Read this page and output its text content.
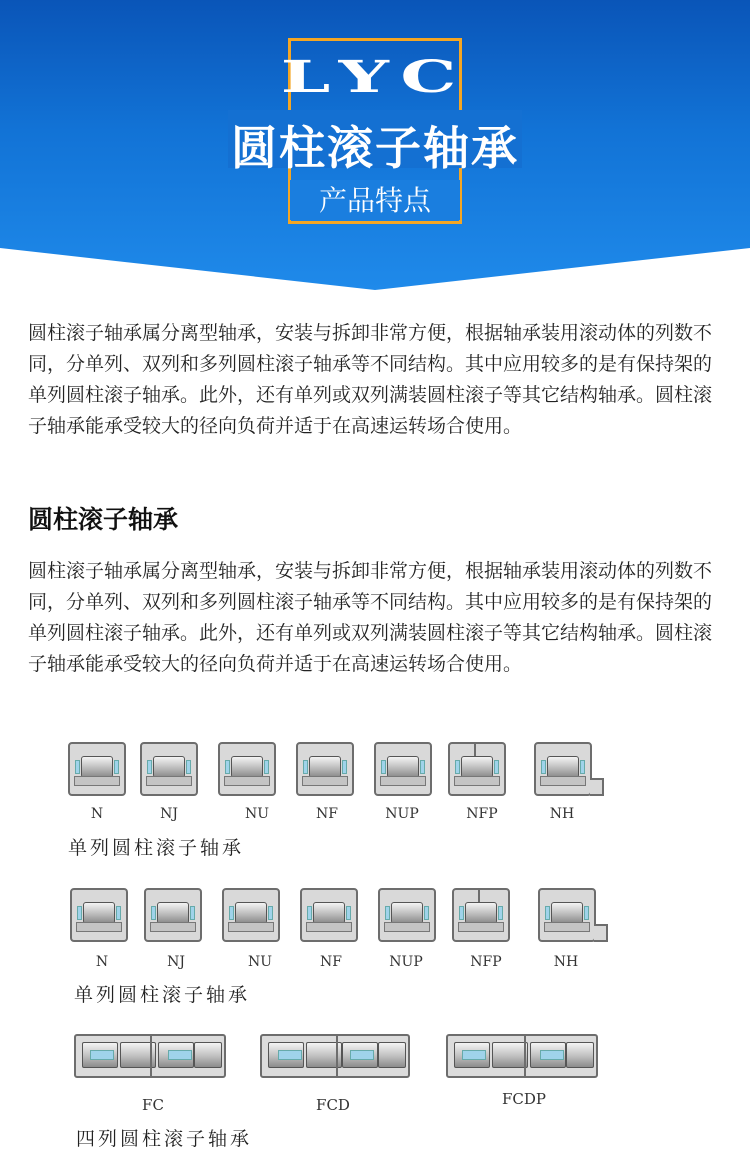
LYC
圆柱滚子轴承
产品特点
圆柱滚子轴承属分离型轴承，安装与拆卸非常方便，根据轴承装用滚动体的列数不同，分单列、双列和多列圆柱滚子轴承等不同结构。其中应用较多的是有保持架的单列圆柱滚子轴承。此外，还有单列或双列满装圆柱滚子等其它结构轴承。圆柱滚子轴承能承受较大的径向负荷并适于在高速运转场合使用。
圆柱滚子轴承
圆柱滚子轴承属分离型轴承，安装与拆卸非常方便，根据轴承装用滚动体的列数不同，分单列、双列和多列圆柱滚子轴承等不同结构。其中应用较多的是有保持架的单列圆柱滚子轴承。此外，还有单列或双列满装圆柱滚子等其它结构轴承。圆柱滚子轴承能承受较大的径向负荷并适于在高速运转场合使用。
N	NJ	NU	NF	NUP	NFP	NH
单列圆柱滚子轴承
N	NJ	NU	NF	NUP	NFP	NH
单列圆柱滚子轴承
FC	FCD	FCDP
四列圆柱滚子轴承
